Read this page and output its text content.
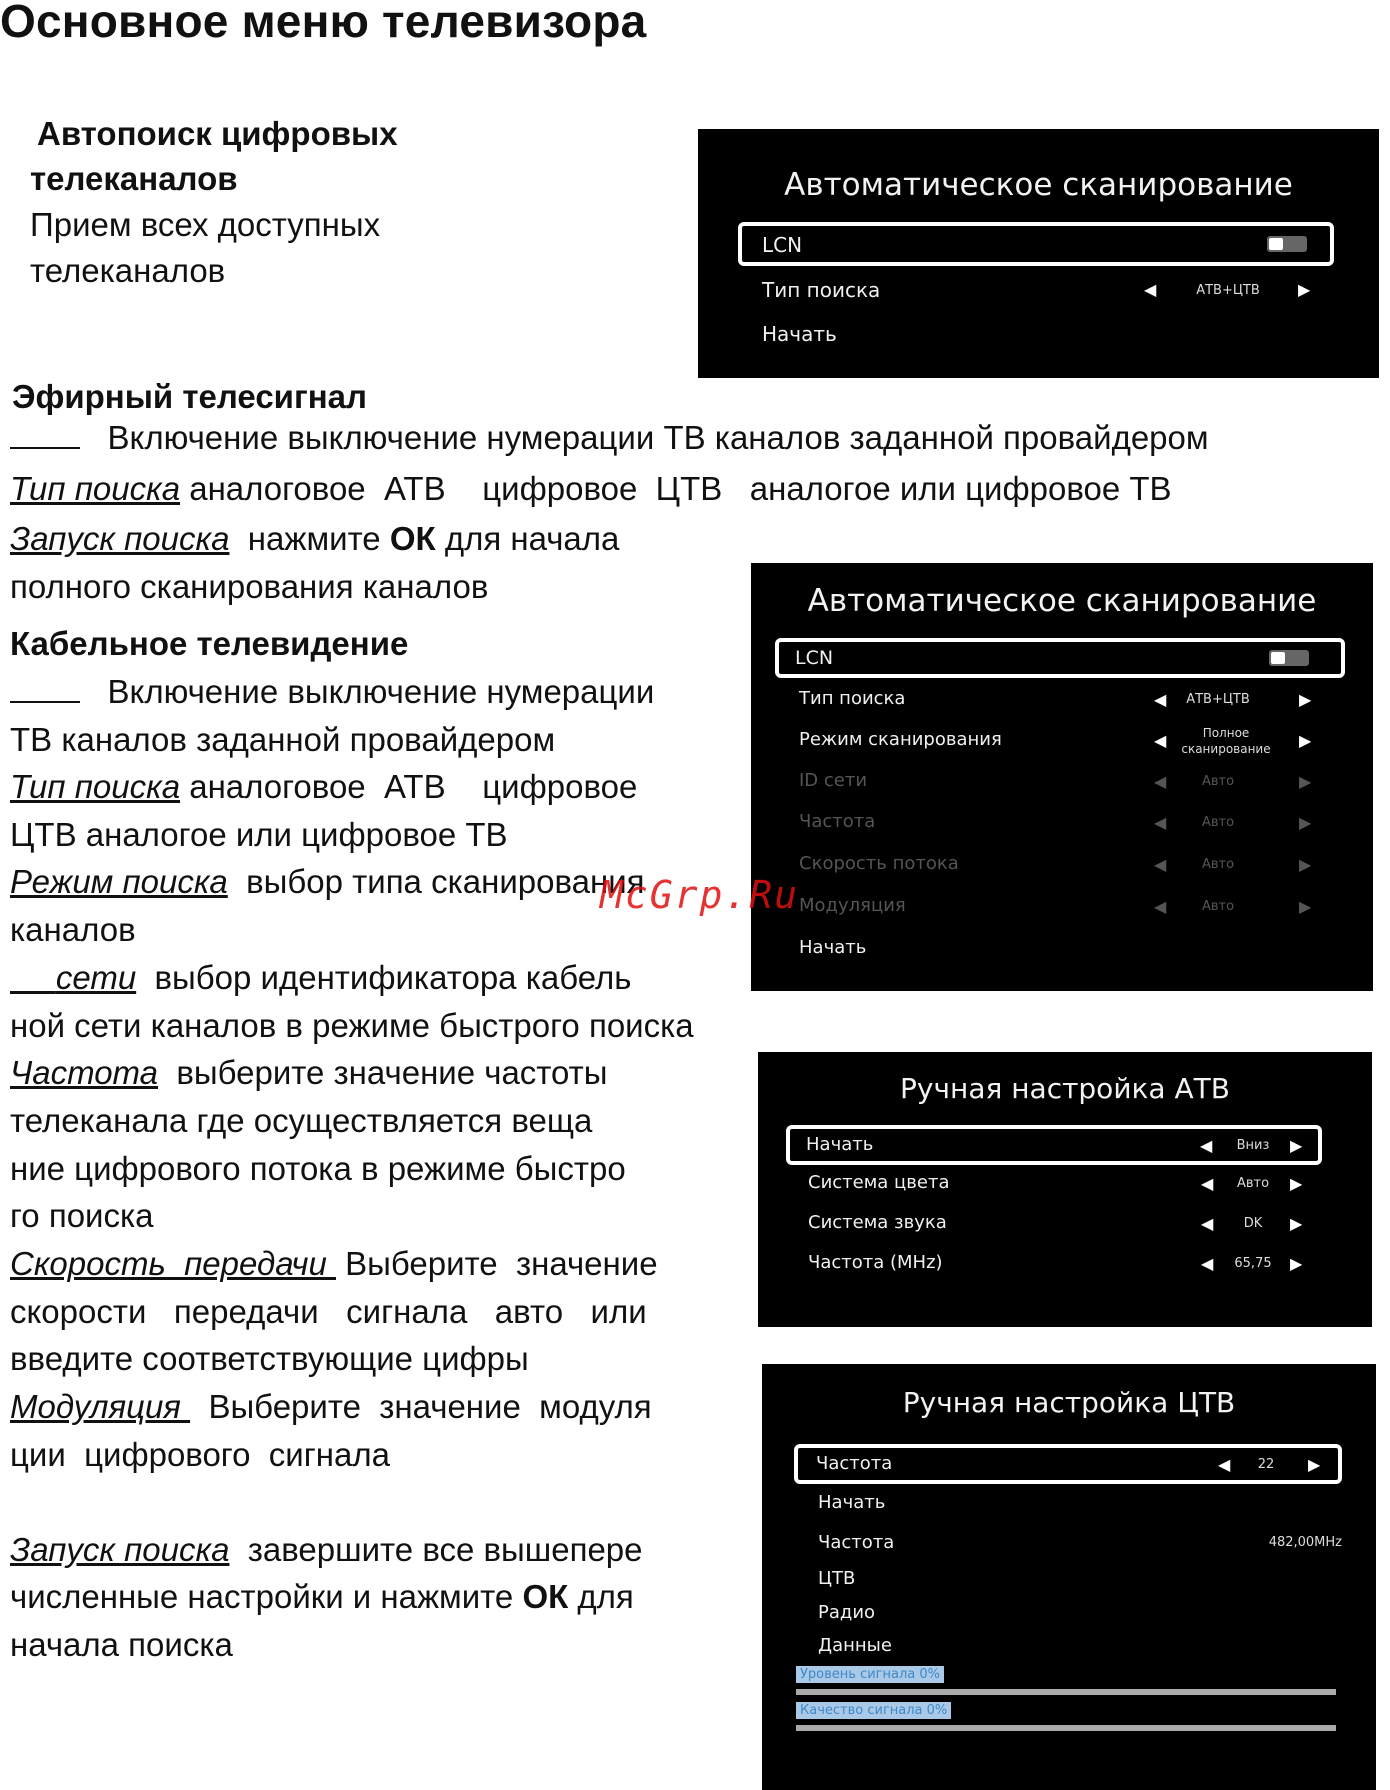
Основное меню телевизора
Автопоиск цифровых
телеканалов
Прием всех доступных
телеканалов
Эфирный телесигнал
Включение выключение нумерации ТВ каналов заданной провайдером
Тип поиска аналоговое  АТВ    цифровое  ЦТВ   аналогое или цифровое ТВ
Запуск поиска  нажмите ОК для начала
полного сканирования каналов
Кабельное телевидение
Включение выключение нумерации
ТВ каналов заданной провайдером
Тип поиска аналоговое  АТВ    цифровое
ЦТВ аналогое или цифровое ТВ
Режим поиска  выбор типа сканирования
каналов
сети  выбор идентификатора кабель
ной сети каналов в режиме быстрого поиска
Частота  выберите значение частоты
телеканала где осуществляется веща
ние цифрового потока в режиме быстро
го поиска
Скорость  передачи  Выберите  значение
скорости   передачи   сигнала   авто   или
введите соответствующие цифры
Модуляция   Выберите  значение  модуля
ции  цифрового  сигнала
Запуск поиска  завершите все вышепере
численные настройки и нажмите ОК для
начала поиска
Автоматическое сканирование
LCN
Тип поиска	◀	АТВ+ЦТВ	▶
Начать
Автоматическое сканирование
LCN
Тип поиска	◀	АТВ+ЦТВ	▶
Режим сканирования	◀	Полное
сканирование	▶
ID сети	◀	Авто	▶
Частота	◀	Авто	▶
Скорость потока	◀	Авто	▶
Модуляция	◀	Авто	▶
Начать
Ручная настройка АТВ
Начать	◀	Вниз	▶
Система цвета	◀	Авто	▶
Система звука	◀	DK	▶
Частота (MHz)	◀	65,75	▶
Ручная настройка ЦТВ
Частота	◀	22	▶
Начать
Частота	482,00MHz
ЦТВ
Радио
Данные
Уровень сигнала 0%
Качество сигнала 0%
McGrp.Ru
